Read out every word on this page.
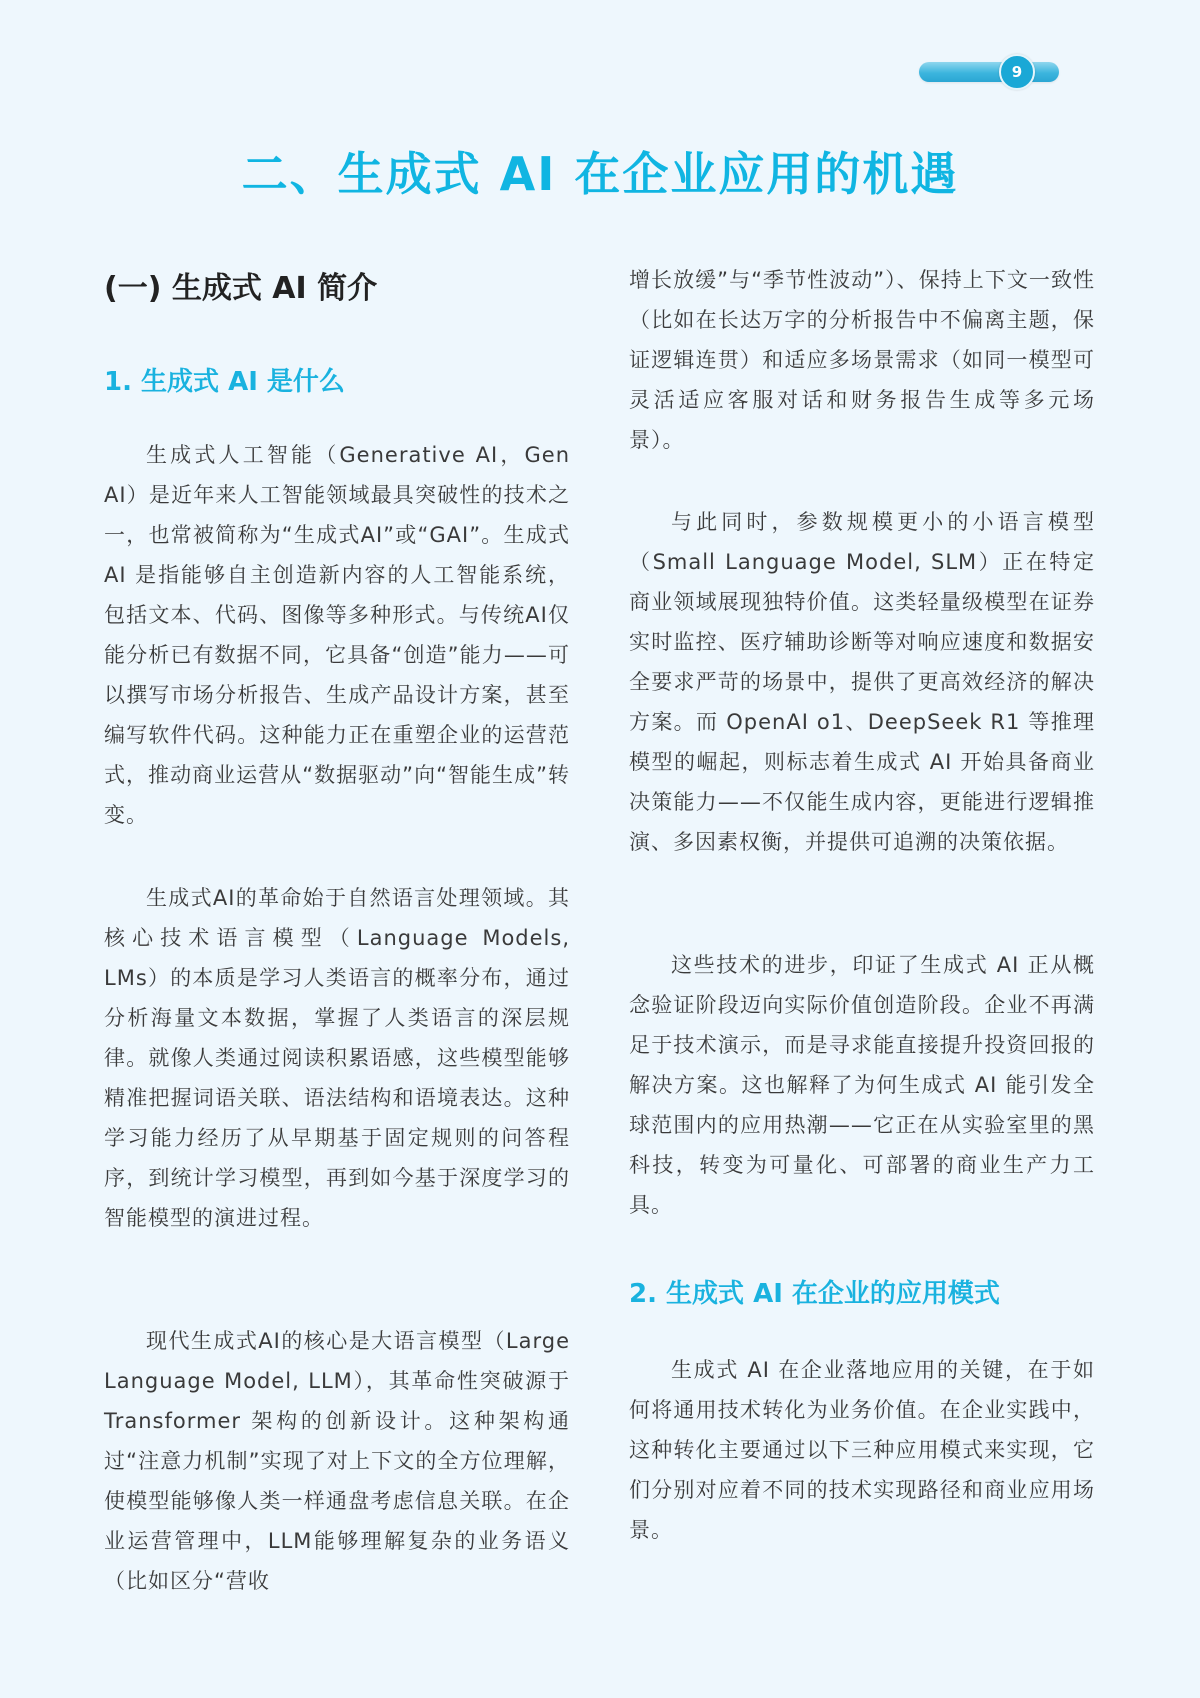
9
二、生成式 AI 在企业应用的机遇
(一) 生成式 AI 简介
1. 生成式 AI 是什么

生成式人工智能（Generative AI，Gen AI）是近年来人工智能领域最具突破性的技术之一，也常被简称为“生成式AI”或“GAI”。生成式 AI 是指能够自主创造新内容的人工智能系统，包括文本、代码、图像等多种形式。与传统AI仅能分析已有数据不同，它具备“创造”能力——可以撰写市场分析报告、生成产品设计方案，甚至编写软件代码。这种能力正在重塑企业的运营范式，推动商业运营从“数据驱动”向“智能生成”转变。

生成式AI的革命始于自然语言处理领域。其核心技术语言模型（Language Models, LMs）的本质是学习人类语言的概率分布，通过分析海量文本数据，掌握了人类语言的深层规律。就像人类通过阅读积累语感，这些模型能够精准把握词语关联、语法结构和语境表达。这种学习能力经历了从早期基于固定规则的问答程序，到统计学习模型，再到如今基于深度学习的智能模型的演进过程。

现代生成式AI的核心是大语言模型（Large Language Model, LLM），其革命性突破源于 Transformer 架构的创新设计。这种架构通过“注意力机制”实现了对上下文的全方位理解，使模型能够像人类一样通盘考虑信息关联。在企业运营管理中，LLM能够理解复杂的业务语义（比如区分“营收

增长放缓”与“季节性波动”）、保持上下文一致性（比如在长达万字的分析报告中不偏离主题，保证逻辑连贯）和适应多场景需求（如同一模型可灵活适应客服对话和财务报告生成等多元场景）。

与此同时，参数规模更小的小语言模型（Small Language Model, SLM）正在特定商业领域展现独特价值。这类轻量级模型在证券实时监控、医疗辅助诊断等对响应速度和数据安全要求严苛的场景中，提供了更高效经济的解决方案。而 OpenAI o1、DeepSeek R1 等推理模型的崛起，则标志着生成式 AI 开始具备商业决策能力——不仅能生成内容，更能进行逻辑推演、多因素权衡，并提供可追溯的决策依据。

这些技术的进步，印证了生成式 AI 正从概念验证阶段迈向实际价值创造阶段。企业不再满足于技术演示，而是寻求能直接提升投资回报的解决方案。这也解释了为何生成式 AI 能引发全球范围内的应用热潮——它正在从实验室里的黑科技，转变为可量化、可部署的商业生产力工具。

2. 生成式 AI 在企业的应用模式

生成式 AI 在企业落地应用的关键，在于如何将通用技术转化为业务价值。在企业实践中，这种转化主要通过以下三种应用模式来实现，它们分别对应着不同的技术实现路径和商业应用场景。
